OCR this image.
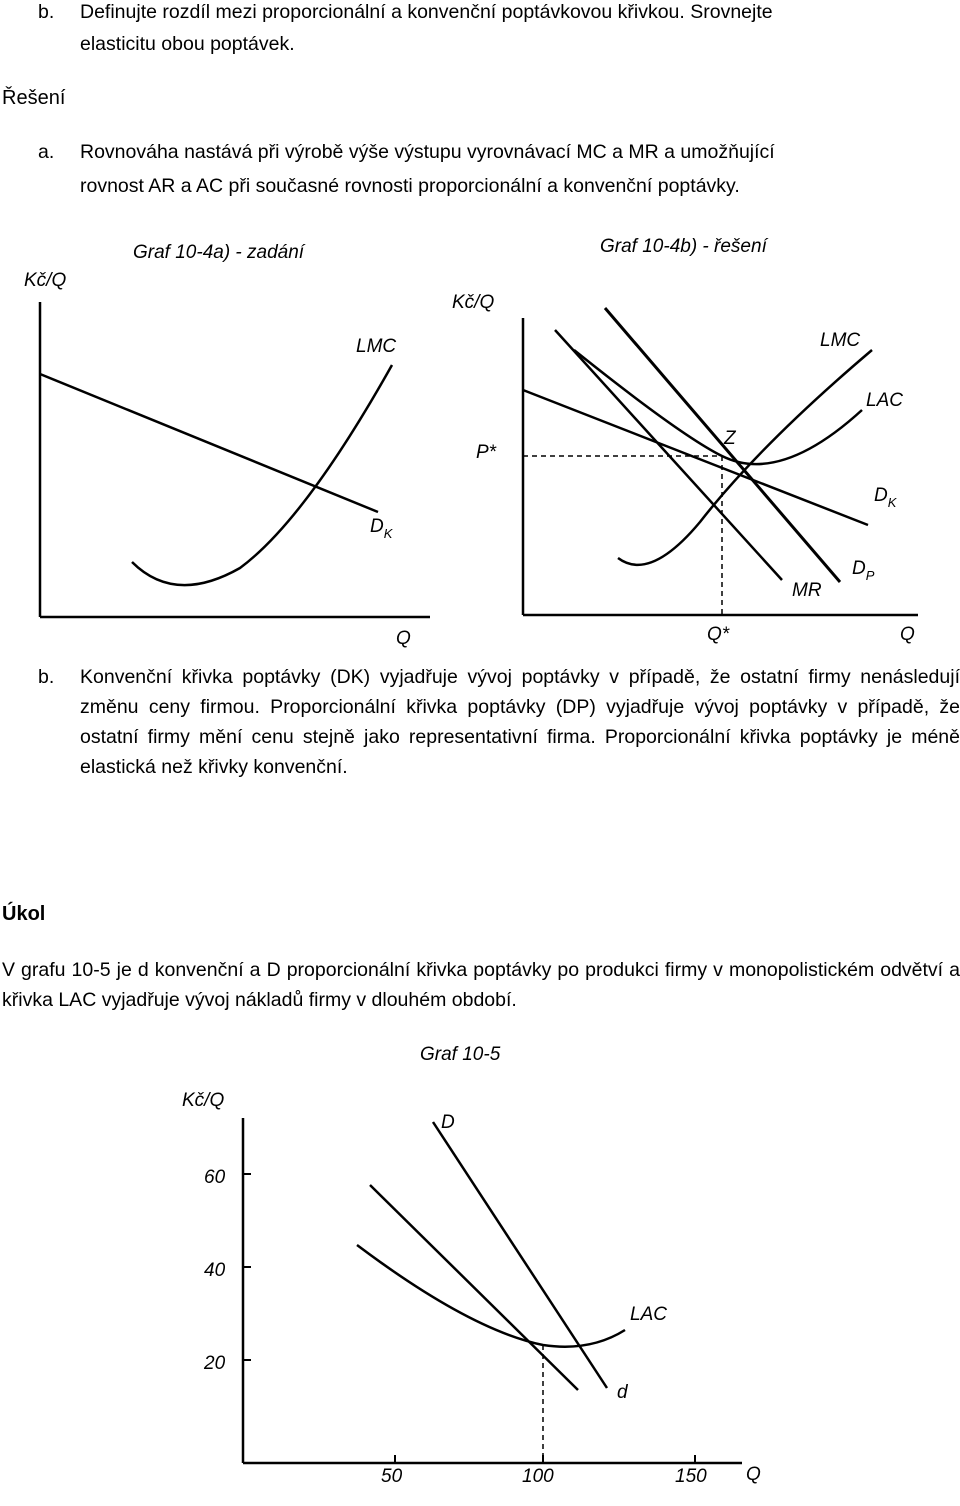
b. Definujte rozdíl mezi proporcionální a konvenční poptávkovou křivkou. Srovnejte
elasticitu obou poptávek.
Řešení
a. Rovnováha nastává při výrobě výše výstupu vyrovnávací MC a MR a umožňující
rovnost AR a AC při současné rovnosti proporcionální a konvenční poptávky.
Graf 10-4a) - zadání
Kč/Q
Q
LMC
$D_K$
Graf 10-4b) - řešení
Kč/Q
Q
LMC
LAC
Z
P*
Q*
$D_K$
$D_P$
MR
b. Konvenční křivka poptávky (DK) vyjadřuje vývoj poptávky v případě, že ostatní firmy nenásledují změnu ceny firmou. Proporcionální křivka poptávky (DP) vyjadřuje vývoj poptávky v případě, že ostatní firmy mění cenu stejně jako representativní firma. Proporcionální křivka poptávky je méně elastická než křivky konvenční.
Úkol
V grafu 10-5 je d konvenční a D proporcionální křivka poptávky po produkci firmy v monopolistickém odvětví a křivka LAC vyjadřuje vývoj nákladů firmy v dlouhém období.
Graf 10-5
Kč/Q
Q
60
40
20
50	100	150
D
d
LAC
